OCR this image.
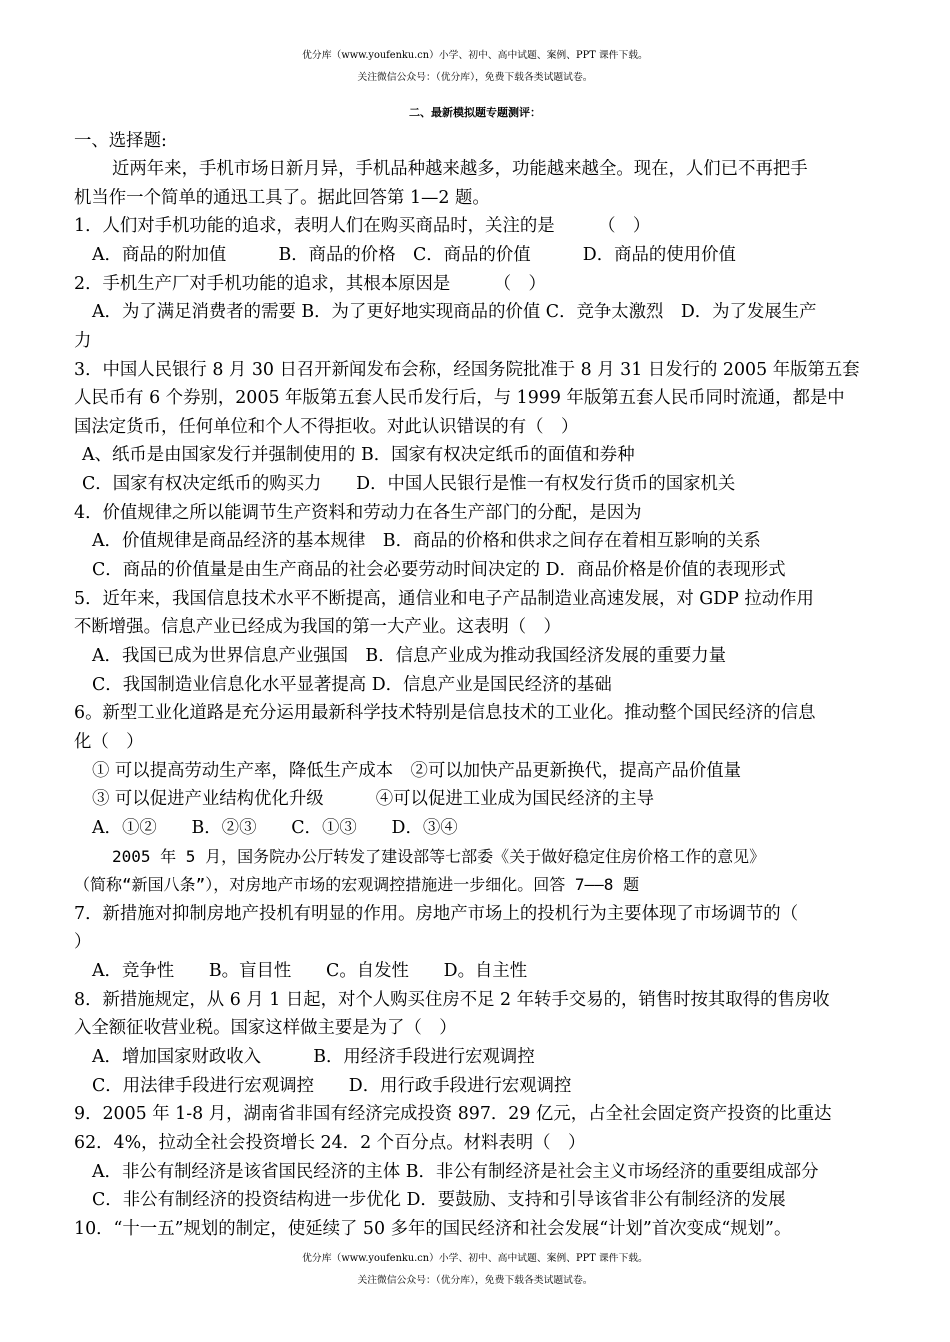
优分库（www.youfenku.cn）小学、初中、高中试题、案例、PPT 课件下载。
关注微信公众号：（优分库），免费下载各类试题试卷。
二、最新模拟题专题测评：
一、选择题:
近两年来，手机市场日新月异，手机品种越来越多，功能越来越全。现在，人们已不再把手
机当作一个简单的通迅工具了。据此回答第 1—2 题。
1．人们对手机功能的追求，表明人们在购买商品时，关注的是　　　（　）
A．商品的附加值　　　B．商品的价格　C．商品的价值　　　D．商品的使用价值
2．手机生产厂对手机功能的追求，其根本原因是　　　（　）
A．为了满足消费者的需要 B．为了更好地实现商品的价值 C．竞争太激烈　D．为了发展生产
力
3．中国人民银行 8 月 30 日召开新闻发布会称，经国务院批准于 8 月 31 日发行的 2005 年版第五套
人民币有 6 个券别，2005 年版第五套人民币发行后，与 1999 年版第五套人民币同时流通，都是中
国法定货币，任何单位和个人不得拒收。对此认识错误的有（　）
A、纸币是由国家发行并强制使用的 B．国家有权决定纸币的面值和券种
C．国家有权决定纸币的购买力　　D．中国人民银行是惟一有权发行货币的国家机关
4．价值规律之所以能调节生产资料和劳动力在各生产部门的分配，是因为
A．价值规律是商品经济的基本规律　B．商品的价格和供求之间存在着相互影响的关系
C．商品的价值量是由生产商品的社会必要劳动时间决定的 D．商品价格是价值的表现形式
5．近年来，我国信息技术水平不断提高，通信业和电子产品制造业高速发展，对 GDP 拉动作用
不断增强。信息产业已经成为我国的第一大产业。这表明（　）
A．我国已成为世界信息产业强国　B．信息产业成为推动我国经济发展的重要力量
C．我国制造业信息化水平显著提高 D．信息产业是国民经济的基础
6。新型工业化道路是充分运用最新科学技术特别是信息技术的工业化。推动整个国民经济的信息
化（　）
① 可以提高劳动生产率，降低生产成本　②可以加快产品更新换代，提高产品价值量
③ 可以促进产业结构优化升级　　　④可以促进工业成为国民经济的主导
A．①②　　B．②③　　C．①③　　D．③④
2005 年 5 月，国务院办公厅转发了建设部等七部委《关于做好稳定住房价格工作的意见》
（简称“新国八条”），对房地产市场的宏观调控措施进一步细化。回答 7——8 题
7．新措施对抑制房地产投机有明显的作用。房地产市场上的投机行为主要体现了市场调节的（
）
A．竞争性　　B。盲目性　　C。自发性　　D。自主性
8．新措施规定，从 6 月 1 日起，对个人购买住房不足 2 年转手交易的，销售时按其取得的售房收
入全额征收营业税。国家这样做主要是为了（　）
A．增加国家财政收入　　　B．用经济手段进行宏观调控
C．用法律手段进行宏观调控　　D．用行政手段进行宏观调控
9．2005 年 1-8 月，湖南省非国有经济完成投资 897．29 亿元，占全社会固定资产投资的比重达
62．4%，拉动全社会投资增长 24．2 个百分点。材料表明（　）
A．非公有制经济是该省国民经济的主体 B．非公有制经济是社会主义市场经济的重要组成部分
C．非公有制经济的投资结构进一步优化 D．要鼓励、支持和引导该省非公有制经济的发展
10．“十一五”规划的制定，使延续了 50 多年的国民经济和社会发展“计划”首次变成“规划”。
优分库（www.youfenku.cn）小学、初中、高中试题、案例、PPT 课件下载。
关注微信公众号：（优分库），免费下载各类试题试卷。
